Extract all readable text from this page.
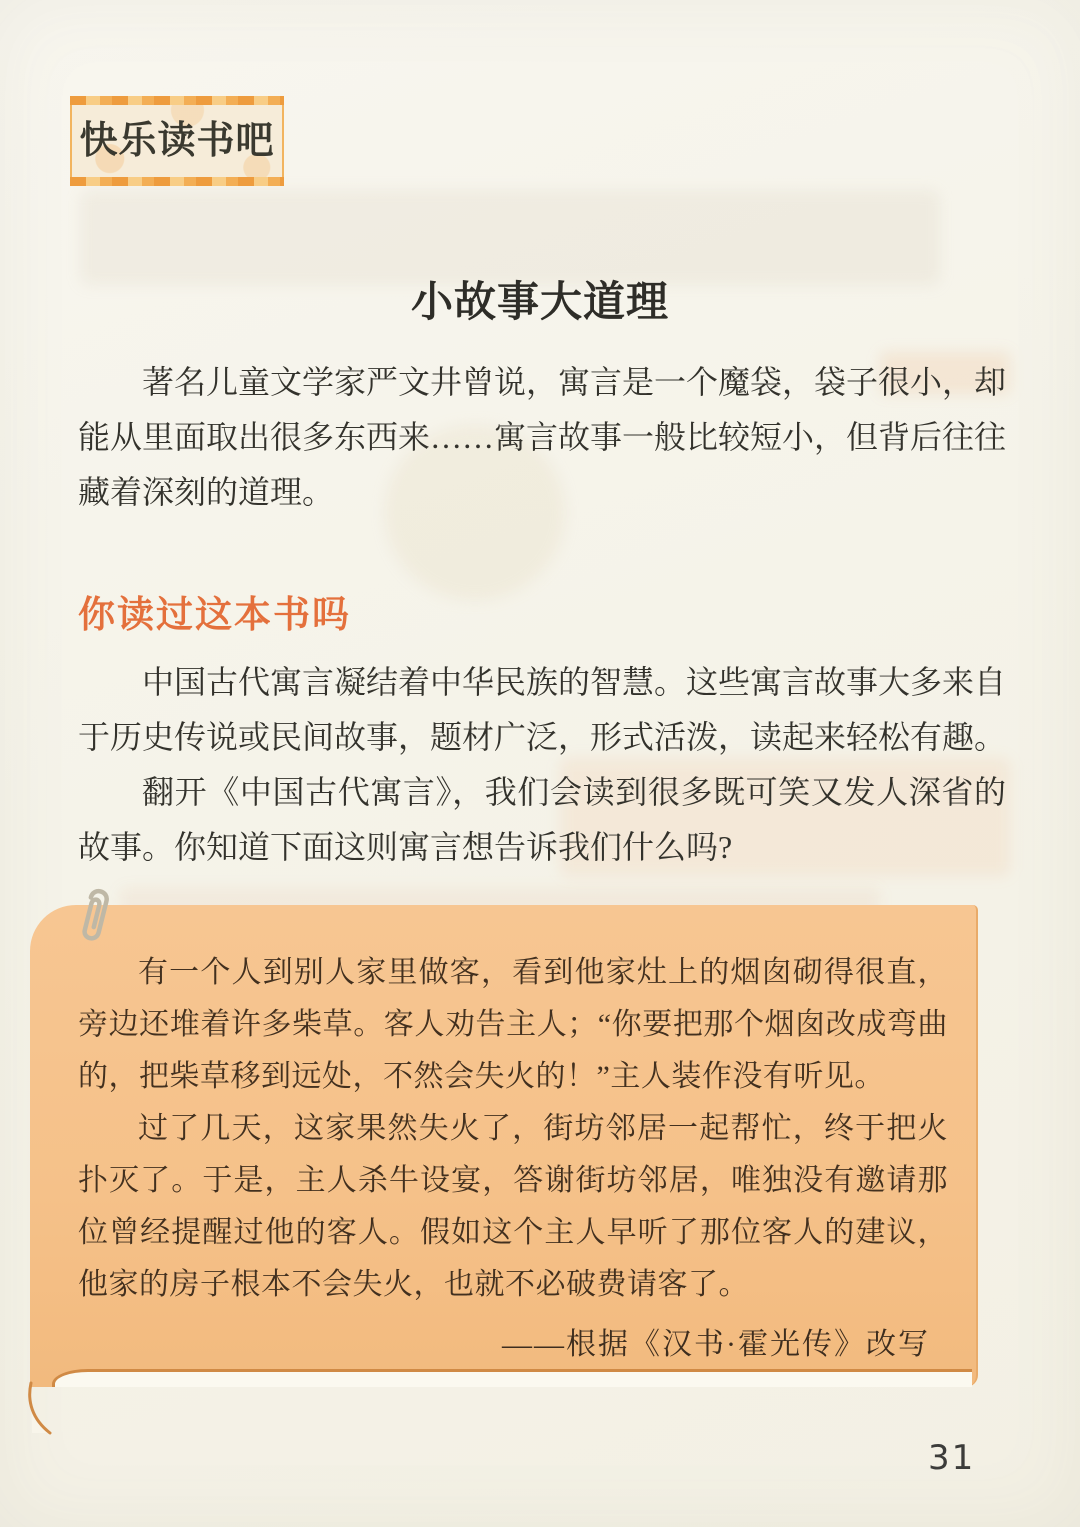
快乐读书吧
小故事大道理

著名儿童文学家严文井曾说，寓言是一个魔袋，袋子很小，却能从里面取出很多东西来……寓言故事一般比较短小，但背后往往藏着深刻的道理。

你读过这本书吗

中国古代寓言凝结着中华民族的智慧。这些寓言故事大多来自于历史传说或民间故事，题材广泛，形式活泼，读起来轻松有趣。

翻开《中国古代寓言》，我们会读到很多既可笑又发人深省的故事。你知道下面这则寓言想告诉我们什么吗?

有一个人到别人家里做客，看到他家灶上的烟囱砌得很直，旁边还堆着许多柴草。客人劝告主人；“你要把那个烟囱改成弯曲的，把柴草移到远处，不然会失火的！”主人装作没有听见。

过了几天，这家果然失火了，街坊邻居一起帮忙，终于把火扑灭了。于是，主人杀牛设宴，答谢街坊邻居，唯独没有邀请那位曾经提醒过他的客人。假如这个主人早听了那位客人的建议，他家的房子根本不会失火，也就不必破费请客了。

——根据《汉书·霍光传》改写
31
